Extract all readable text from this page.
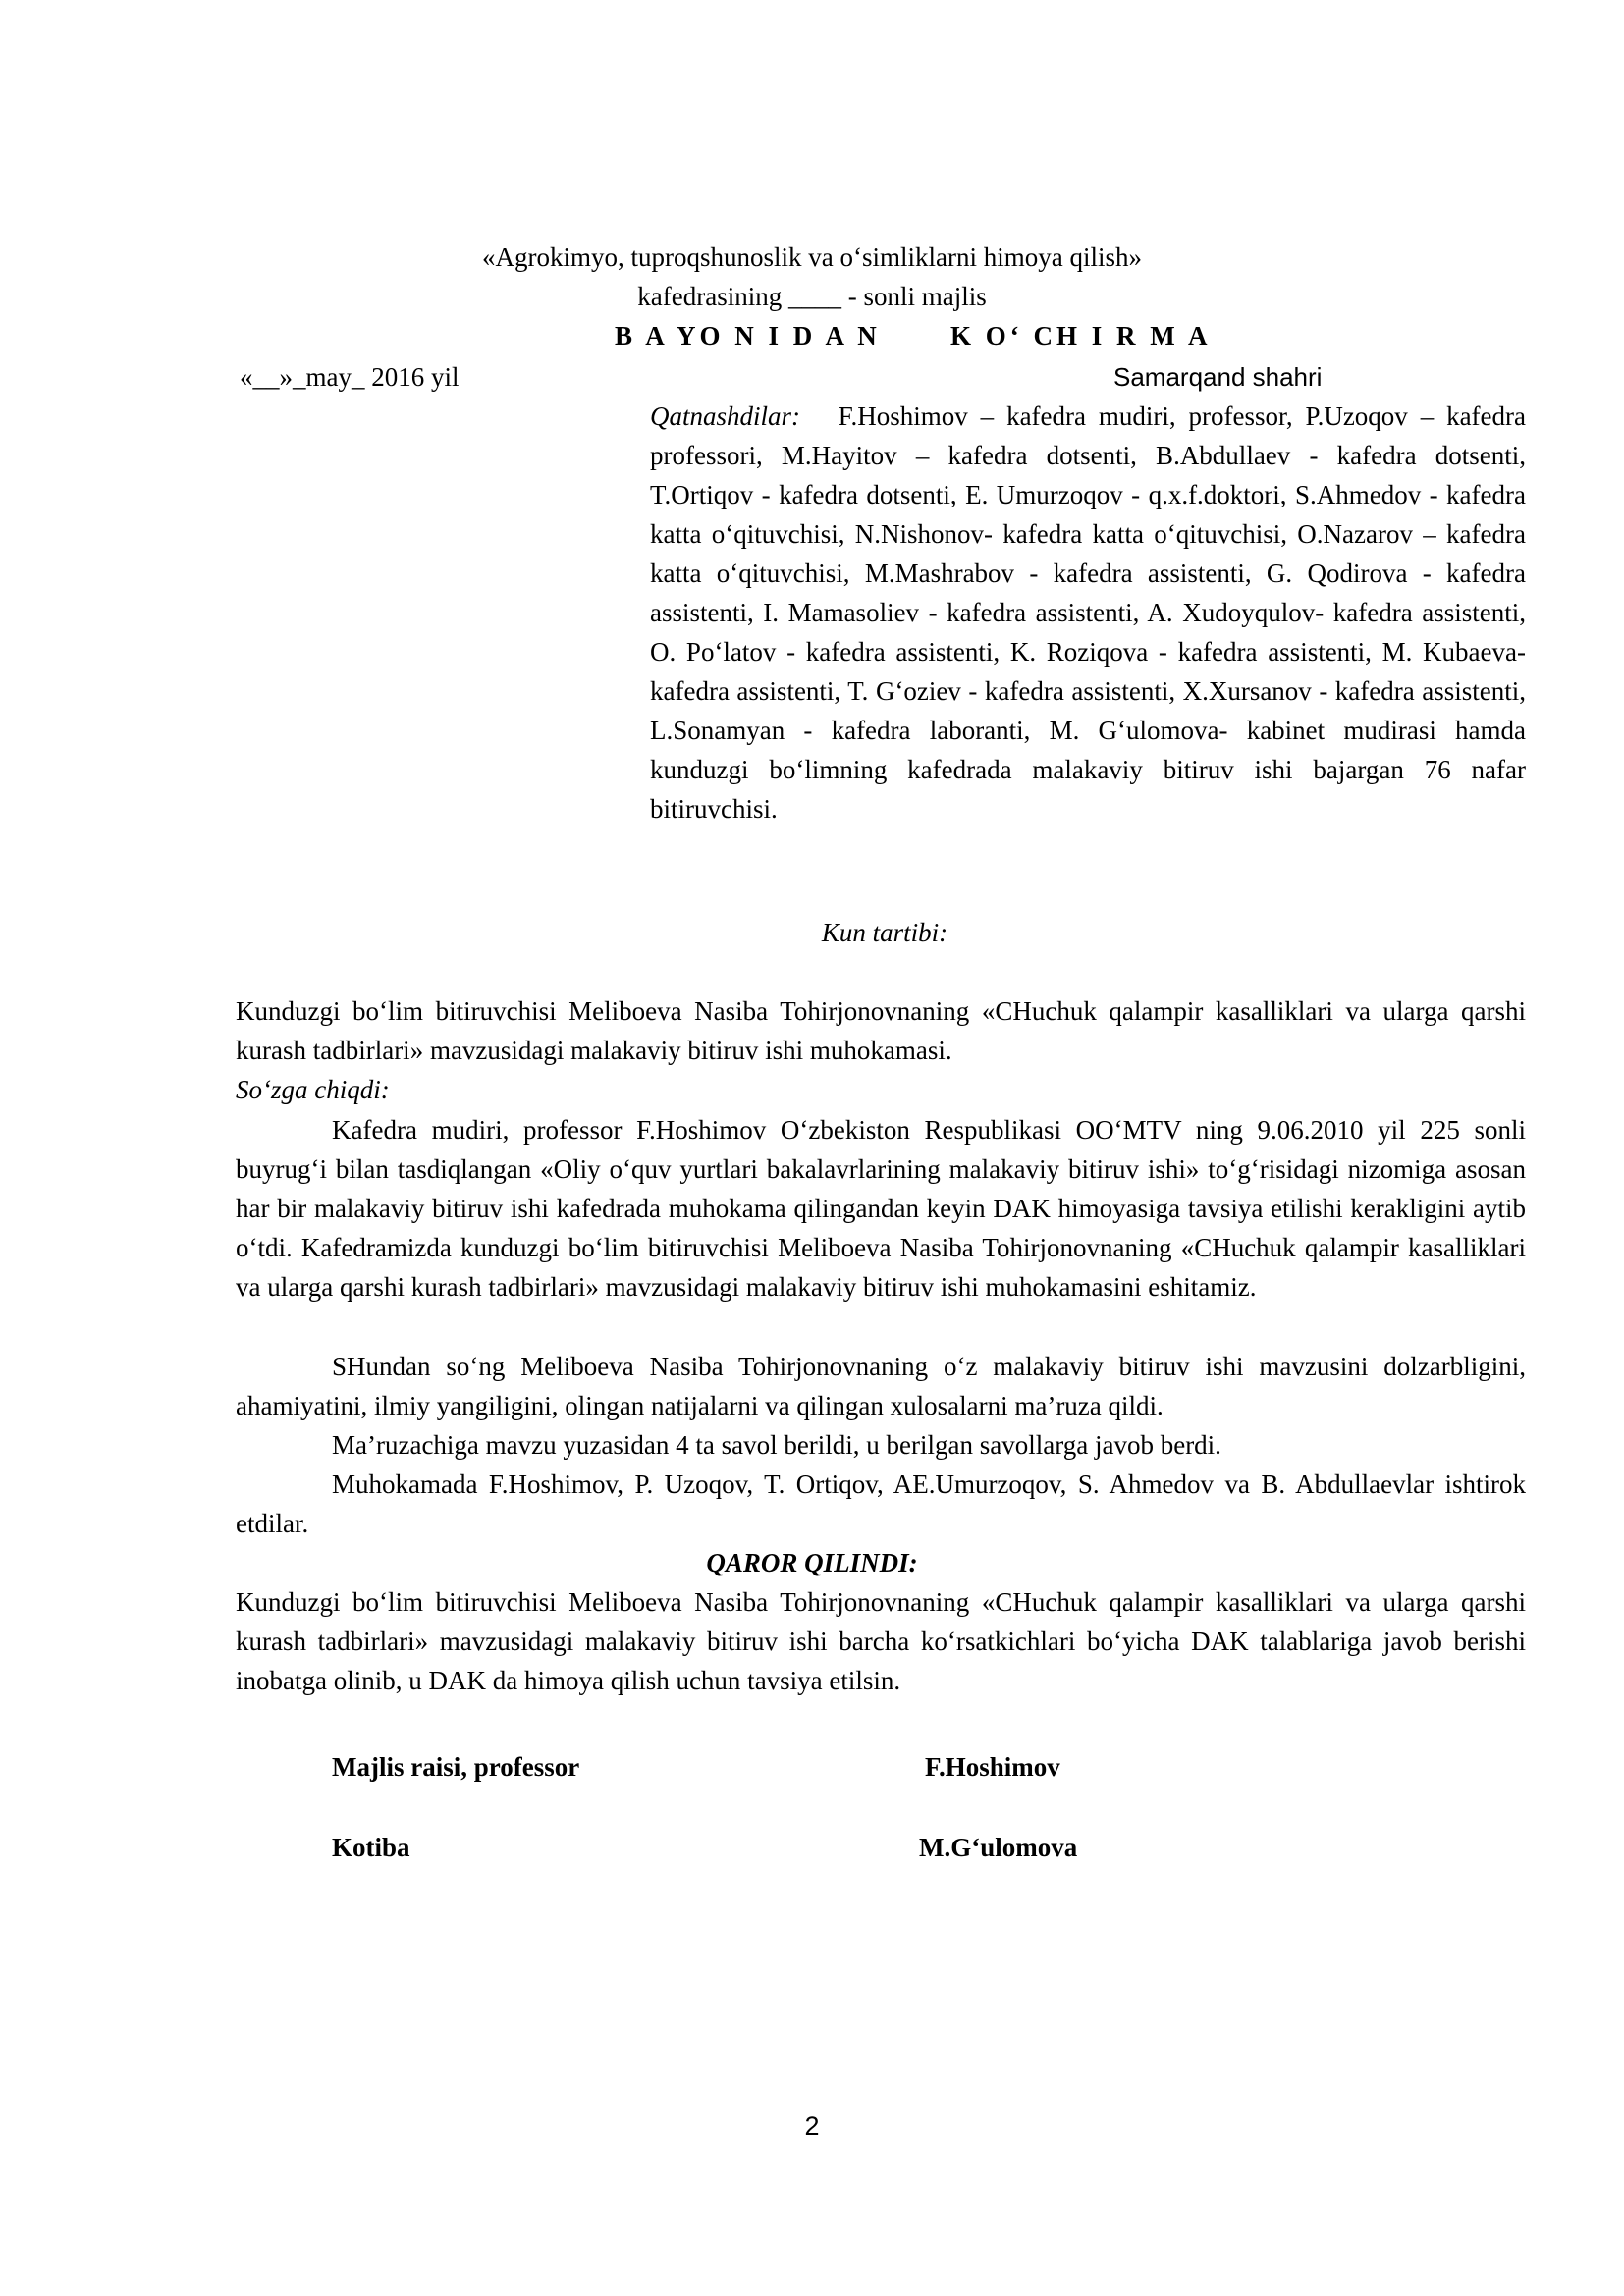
«Agrokimyo, tuproqshunoslik va o‘simliklarni himoya qilish»

kafedrasining ____ - sonli majlis

B A YO N I D A N	K O‘ CH I R M A

«__»_may_ 2016 yil	Samarqand shahri

Qatnashdilar: F.Hoshimov – kafedra mudiri, professor, P.Uzoqov – kafedra professori, M.Hayitov – kafedra dotsenti, B.Abdullaev - kafedra dotsenti, T.Ortiqov - kafedra dotsenti, E. Umurzoqov - q.x.f.doktori, S.Ahmedov - kafedra katta o‘qituvchisi, N.Nishonov- kafedra katta o‘qituvchisi, O.Nazarov – kafedra katta o‘qituvchisi, M.Mashrabov - kafedra assistenti, G. Qodirova - kafedra assistenti, I. Mamasoliev - kafedra assistenti, A. Xudoyqulov- kafedra assistenti, O. Po‘latov - kafedra assistenti, K. Roziqova - kafedra assistenti, M. Kubaeva- kafedra assistenti, T. G‘oziev - kafedra assistenti, X.Xursanov - kafedra assistenti, L.Sonamyan - kafedra laboranti, M. G‘ulomova- kabinet mudirasi hamda kunduzgi bo‘limning kafedrada malakaviy bitiruv ishi bajargan 76 nafar bitiruvchisi.

Kun tartibi:

Kunduzgi bo‘lim bitiruvchisi Meliboeva Nasiba Tohirjonovnaning «CHuchuk qalampir kasalliklari va ularga qarshi kurash tadbirlari» mavzusidagi malakaviy bitiruv ishi muhokamasi.

So‘zga chiqdi:

Kafedra mudiri, professor F.Hoshimov O‘zbekiston Respublikasi OO‘MTV ning 9.06.2010 yil 225 sonli buyrug‘i bilan tasdiqlangan «Oliy o‘quv yurtlari bakalavrlarining malakaviy bitiruv ishi» to‘g‘risidagi nizomiga asosan har bir malakaviy bitiruv ishi kafedrada muhokama qilingandan keyin DAK himoyasiga tavsiya etilishi kerakligini aytib o‘tdi. Kafedramizda kunduzgi bo‘lim bitiruvchisi Meliboeva Nasiba Tohirjonovnaning «CHuchuk qalampir kasalliklari va ularga qarshi kurash tadbirlari» mavzusidagi malakaviy bitiruv ishi muhokamasini eshitamiz.

SHundan so‘ng Meliboeva Nasiba Tohirjonovnaning o‘z malakaviy bitiruv ishi mavzusini dolzarbligini, ahamiyatini, ilmiy yangiligini, olingan natijalarni va qilingan xulosalarni ma’ruza qildi.

Ma’ruzachiga mavzu yuzasidan 4 ta savol berildi, u berilgan savollarga javob berdi.

Muhokamada F.Hoshimov, P. Uzoqov, T. Ortiqov, AE.Umurzoqov, S. Ahmedov va B. Abdullaevlar ishtirok etdilar.

QAROR QILINDI:

Kunduzgi bo‘lim bitiruvchisi Meliboeva Nasiba Tohirjonovnaning «CHuchuk qalampir kasalliklari va ularga qarshi kurash tadbirlari» mavzusidagi malakaviy bitiruv ishi barcha ko‘rsatkichlari bo‘yicha DAK talablariga javob berishi inobatga olinib, u DAK da himoya qilish uchun tavsiya etilsin.

Majlis raisi, professor	F.Hoshimov

Kotiba	M.G‘ulomova

2
